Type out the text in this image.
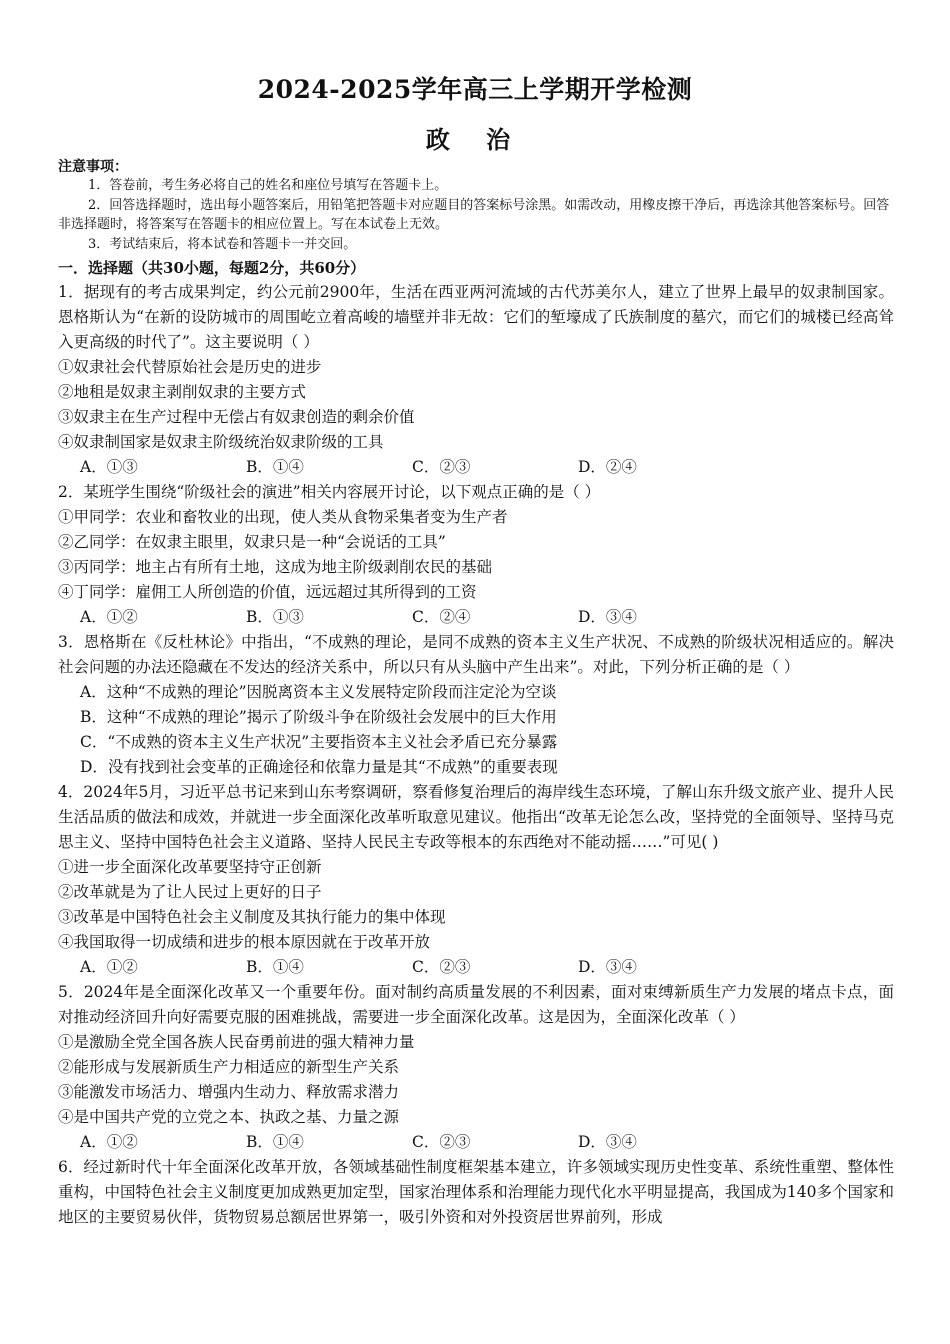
2024-2025学年高三上学期开学检测
政 治
注意事项：

1．答卷前，考生务必将自己的姓名和座位号填写在答题卡上。

2．回答选择题时，选出每小题答案后，用铅笔把答题卡对应题目的答案标号涂黑。如需改动，用橡皮擦干净后，再选涂其他答案标号。回答非选择题时，将答案写在答题卡的相应位置上。写在本试卷上无效。

3．考试结束后，将本试卷和答题卡一并交回。

一．选择题（共30小题，每题2分，共60分）

1．据现有的考古成果判定，约公元前2900年，生活在西亚两河流域的古代苏美尔人，建立了世界上最早的奴隶制国家。恩格斯认为“在新的设防城市的周围屹立着高峻的墙壁并非无故：它们的堑壕成了氏族制度的墓穴，而它们的城楼已经高耸入更高级的时代了”。这主要说明（ ）

①奴隶社会代替原始社会是历史的进步

②地租是奴隶主剥削奴隶的主要方式

③奴隶主在生产过程中无偿占有奴隶创造的剩余价值

④奴隶制国家是奴隶主阶级统治奴隶阶级的工具

A．①③	B．①④	C．②③	D．②④

2．某班学生围绕“阶级社会的演进”相关内容展开讨论，以下观点正确的是（ ）

①甲同学：农业和畜牧业的出现，使人类从食物采集者变为生产者

②乙同学：在奴隶主眼里，奴隶只是一种“会说话的工具”

③丙同学：地主占有所有土地，这成为地主阶级剥削农民的基础

④丁同学：雇佣工人所创造的价值，远远超过其所得到的工资

A．①②	B．①③	C．②④	D．③④

3．恩格斯在《反杜林论》中指出，“不成熟的理论，是同不成熟的资本主义生产状况、不成熟的阶级状况相适应的。解决社会问题的办法还隐藏在不发达的经济关系中，所以只有从头脑中产生出来”。对此，下列分析正确的是（ ）

A．这种“不成熟的理论”因脱离资本主义发展特定阶段而注定沦为空谈

B．这种“不成熟的理论”揭示了阶级斗争在阶级社会发展中的巨大作用

C．“不成熟的资本主义生产状况”主要指资本主义社会矛盾已充分暴露

D．没有找到社会变革的正确途径和依靠力量是其“不成熟”的重要表现

4．2024年5月，习近平总书记来到山东考察调研，察看修复治理后的海岸线生态环境，了解山东升级文旅产业、提升人民生活品质的做法和成效，并就进一步全面深化改革听取意见建议。他指出“改革无论怎么改，坚持党的全面领导、坚持马克思主义、坚持中国特色社会主义道路、坚持人民民主专政等根本的东西绝对不能动摇……”可见( )

①进一步全面深化改革要坚持守正创新

②改革就是为了让人民过上更好的日子

③改革是中国特色社会主义制度及其执行能力的集中体现

④我国取得一切成绩和进步的根本原因就在于改革开放

A．①②	B．①④	C．②③	D．③④

5．2024年是全面深化改革又一个重要年份。面对制约高质量发展的不利因素，面对束缚新质生产力发展的堵点卡点，面对推动经济回升向好需要克服的困难挑战，需要进一步全面深化改革。这是因为，全面深化改革（ ）

①是激励全党全国各族人民奋勇前进的强大精神力量

②能形成与发展新质生产力相适应的新型生产关系

③能激发市场活力、增强内生动力、释放需求潜力

④是中国共产党的立党之本、执政之基、力量之源

A．①②	B．①④	C．②③	D．③④

6．经过新时代十年全面深化改革开放，各领域基础性制度框架基本建立，许多领域实现历史性变革、系统性重塑、整体性重构，中国特色社会主义制度更加成熟更加定型，国家治理体系和治理能力现代化水平明显提高，我国成为140多个国家和地区的主要贸易伙伴，货物贸易总额居世界第一，吸引外资和对外投资居世界前列，形成
